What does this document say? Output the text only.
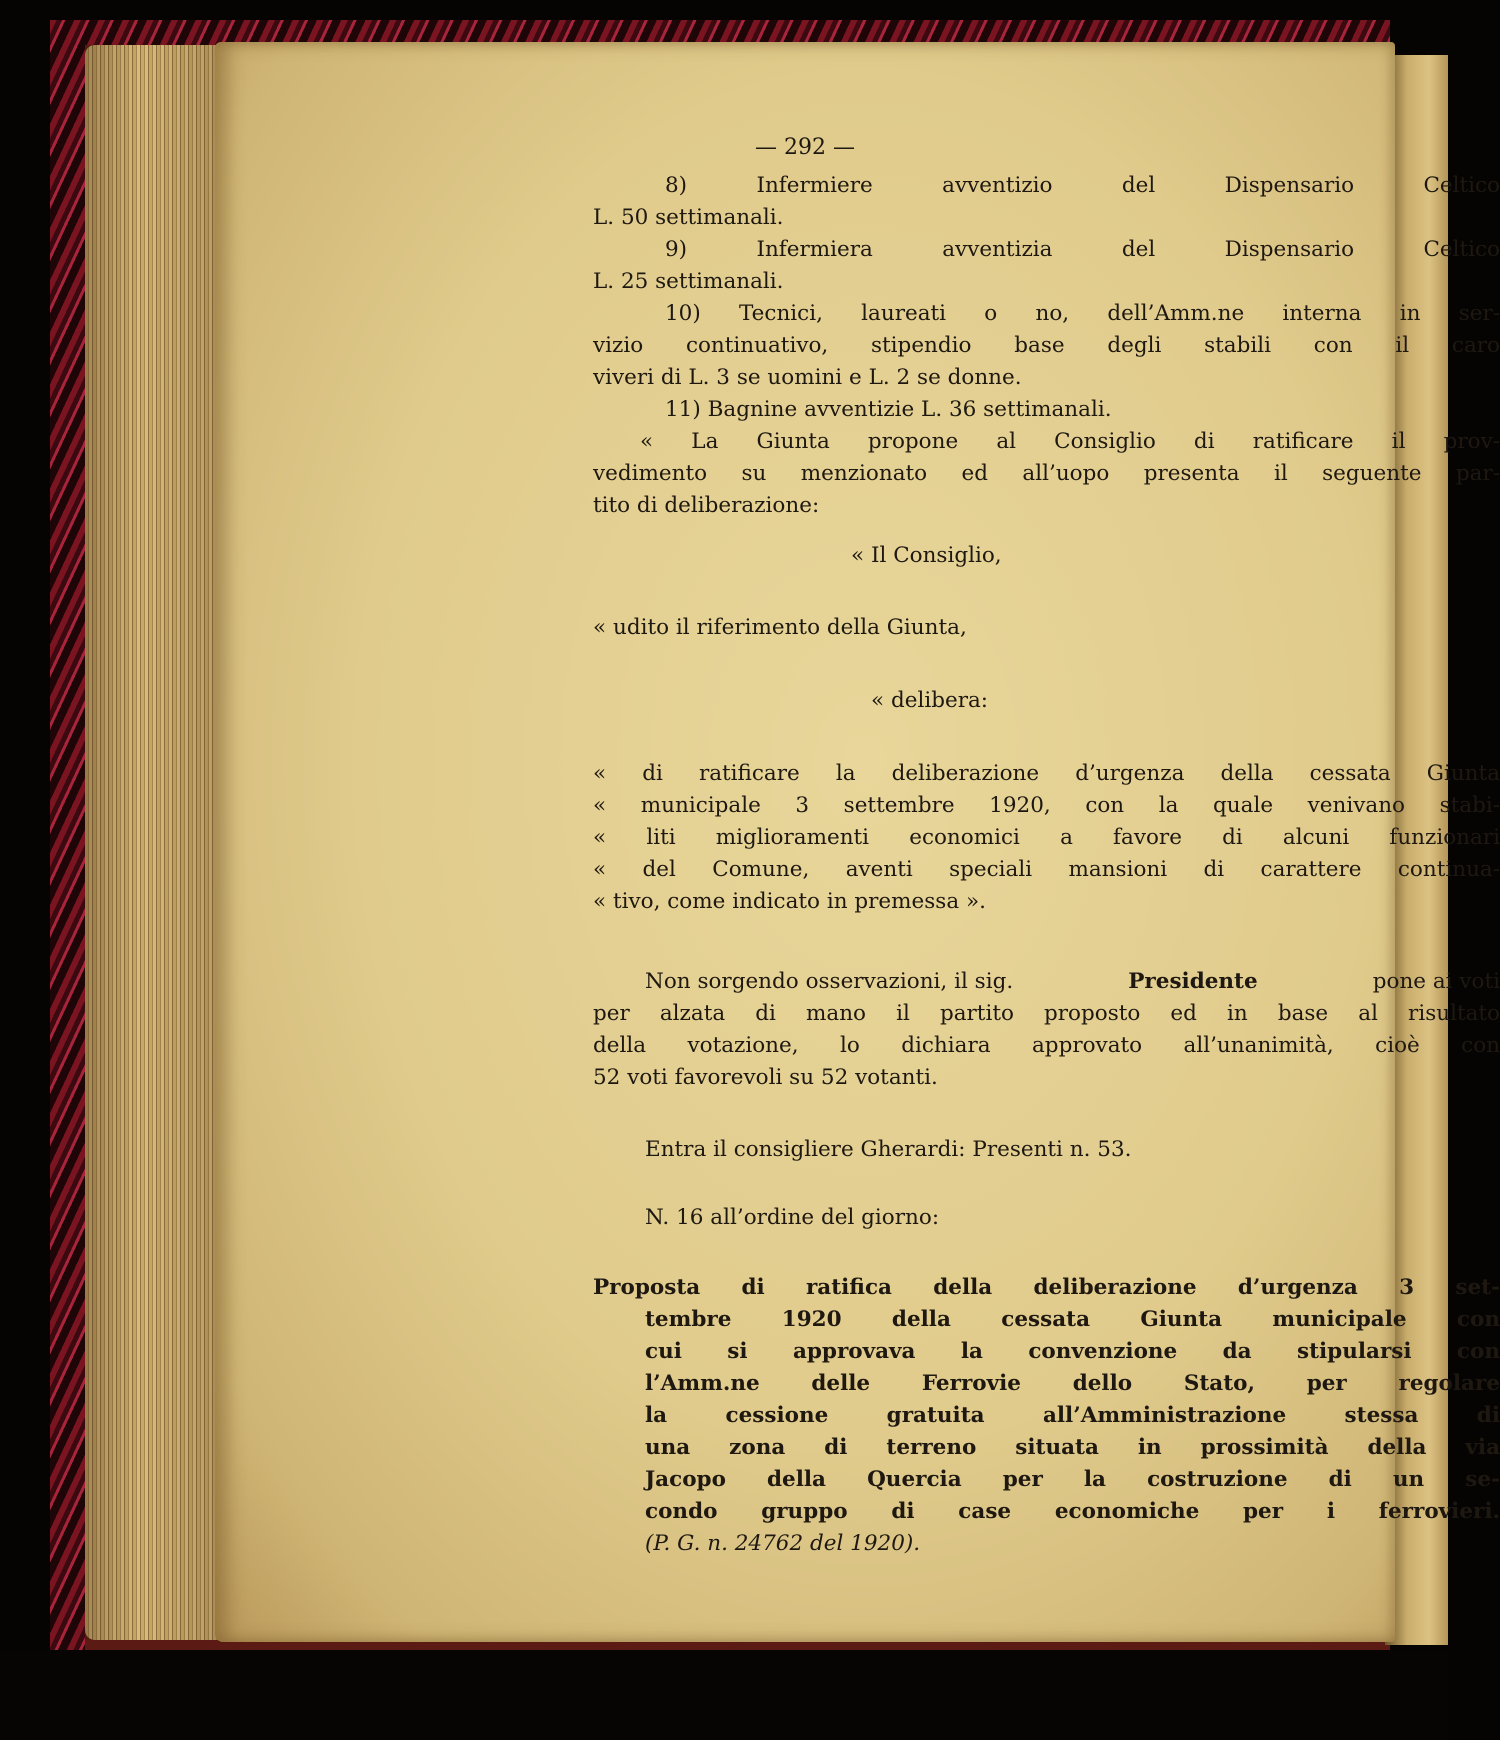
— 292 —
8) Infermiere avventizio del Dispensario Celtico
L. 50 settimanali.
9) Infermiera avventizia del Dispensario Celtico
L. 25 settimanali.
10) Tecnici, laureati o no, dell’Amm.ne interna in ser-
vizio continuativo, stipendio base degli stabili con il caro
viveri di L. 3 se uomini e L. 2 se donne.
11) Bagnine avventizie L. 36 settimanali.
« La Giunta propone al Consiglio di ratificare il prov-
vedimento su menzionato ed all’uopo presenta il seguente par-
tito di deliberazione:
« Il Consiglio,
« udito il riferimento della Giunta,
« delibera:
« di ratificare la deliberazione d’urgenza della cessata Giunta
« municipale 3 settembre 1920, con la quale venivano stabi-
« liti miglioramenti economici a favore di alcuni funzionari
« del Comune, aventi speciali mansioni di carattere continua-
« tivo, come indicato in premessa ».
Non sorgendo osservazioni, il sig.	Presidente	pone ai voti
per alzata di mano il partito proposto ed in base al risultato
della votazione, lo dichiara approvato all’unanimità, cioè con
52 voti favorevoli su 52 votanti.
Entra il consigliere Gherardi: Presenti n. 53.
N. 16 all’ordine del giorno:
Proposta di ratifica della deliberazione d’urgenza 3 set-
tembre 1920 della cessata Giunta municipale con
cui si approvava la convenzione da stipularsi con
l’Amm.ne delle Ferrovie dello Stato, per regolare
la cessione gratuita all’Amministrazione stessa di
una zona di terreno situata in prossimità della via
Jacopo della Quercia per la costruzione di un se-
condo gruppo di case economiche per i ferrovieri.
(P. G. n. 24762 del 1920).
